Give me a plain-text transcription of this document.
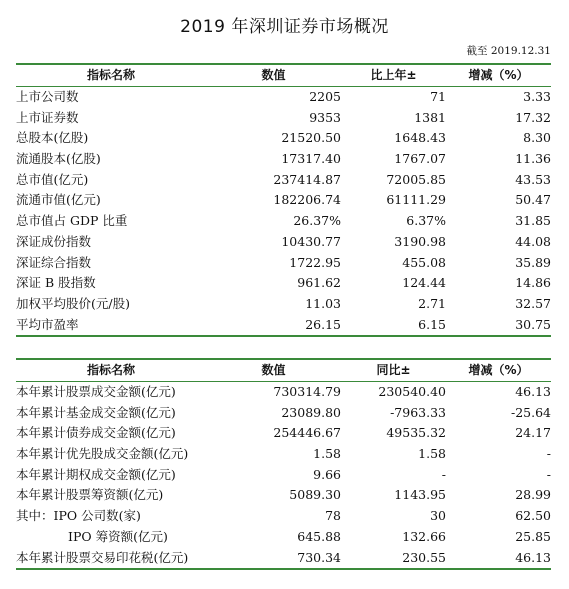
2019 年深圳证券市场概况
截至 2019.12.31
指标名称	数值	比上年±	增减（%）
上市公司数	2205	71	3.33
上市证券数	9353	1381	17.32
总股本(亿股)	21520.50	1648.43	8.30
流通股本(亿股)	17317.40	1767.07	11.36
总市值(亿元)	237414.87	72005.85	43.53
流通市值(亿元)	182206.74	61111.29	50.47
总市值占 GDP 比重	26.37%	6.37%	31.85
深证成份指数	10430.77	3190.98	44.08
深证综合指数	1722.95	455.08	35.89
深证 B 股指数	961.62	124.44	14.86
加权平均股价(元/股)	11.03	2.71	32.57
平均市盈率	26.15	6.15	30.75
指标名称	数值	同比±	增减（%）
本年累计股票成交金额(亿元)	730314.79	230540.40	46.13
本年累计基金成交金额(亿元)	23089.80	-7963.33	-25.64
本年累计债券成交金额(亿元)	254446.67	49535.32	24.17
本年累计优先股成交金额(亿元)	1.58	1.58	-
本年累计期权成交金额(亿元)	9.66	-	-
本年累计股票筹资额(亿元)	5089.30	1143.95	28.99
其中：IPO 公司数(家)	78	30	62.50
IPO 筹资额(亿元)	645.88	132.66	25.85
本年累计股票交易印花税(亿元)	730.34	230.55	46.13
